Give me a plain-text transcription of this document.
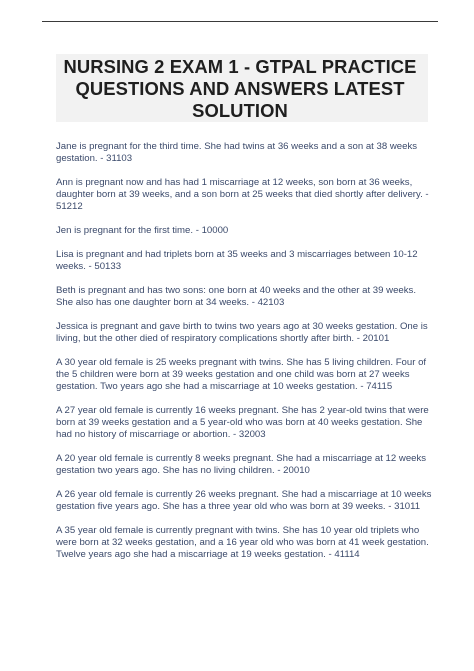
NURSING 2 EXAM 1 - GTPAL PRACTICE QUESTIONS AND ANSWERS LATEST SOLUTION

Jane is pregnant for the third time. She had twins at 36 weeks and a son at 38 weeks gestation. - 31103

Ann is pregnant now and has had 1 miscarriage at 12 weeks, son born at 36 weeks, daughter born at 39 weeks, and a son born at 25 weeks that died shortly after delivery. - 51212

Jen is pregnant for the first time. - 10000

Lisa is pregnant and had triplets born at 35 weeks and 3 miscarriages between 10-12 weeks. - 50133

Beth is pregnant and has two sons: one born at 40 weeks and the other at 39 weeks. She also has one daughter born at 34 weeks. - 42103

Jessica is pregnant and gave birth to twins two years ago at 30 weeks gestation. One is living, but the other died of respiratory complications shortly after birth. - 20101

A 30 year old female is 25 weeks pregnant with twins. She has 5 living children. Four of the 5 children were born at 39 weeks gestation and one child was born at 27 weeks gestation. Two years ago she had a miscarriage at 10 weeks gestation. - 74115

A 27 year old female is currently 16 weeks pregnant. She has 2 year-old twins that were born at 39 weeks gestation and a 5 year-old who was born at 40 weeks gestation. She had no history of miscarriage or abortion. - 32003

A 20 year old female is currently 8 weeks pregnant. She had a miscarriage at 12 weeks gestation two years ago. She has no living children. - 20010

A 26 year old female is currently 26 weeks pregnant. She had a miscarriage at 10 weeks gestation five years ago. She has a three year old who was born at 39 weeks. - 31011

A 35 year old female is currently pregnant with twins. She has 10 year old triplets who were born at 32 weeks gestation, and a 16 year old who was born at 41 week gestation. Twelve years ago she had a miscarriage at 19 weeks gestation. - 41114
